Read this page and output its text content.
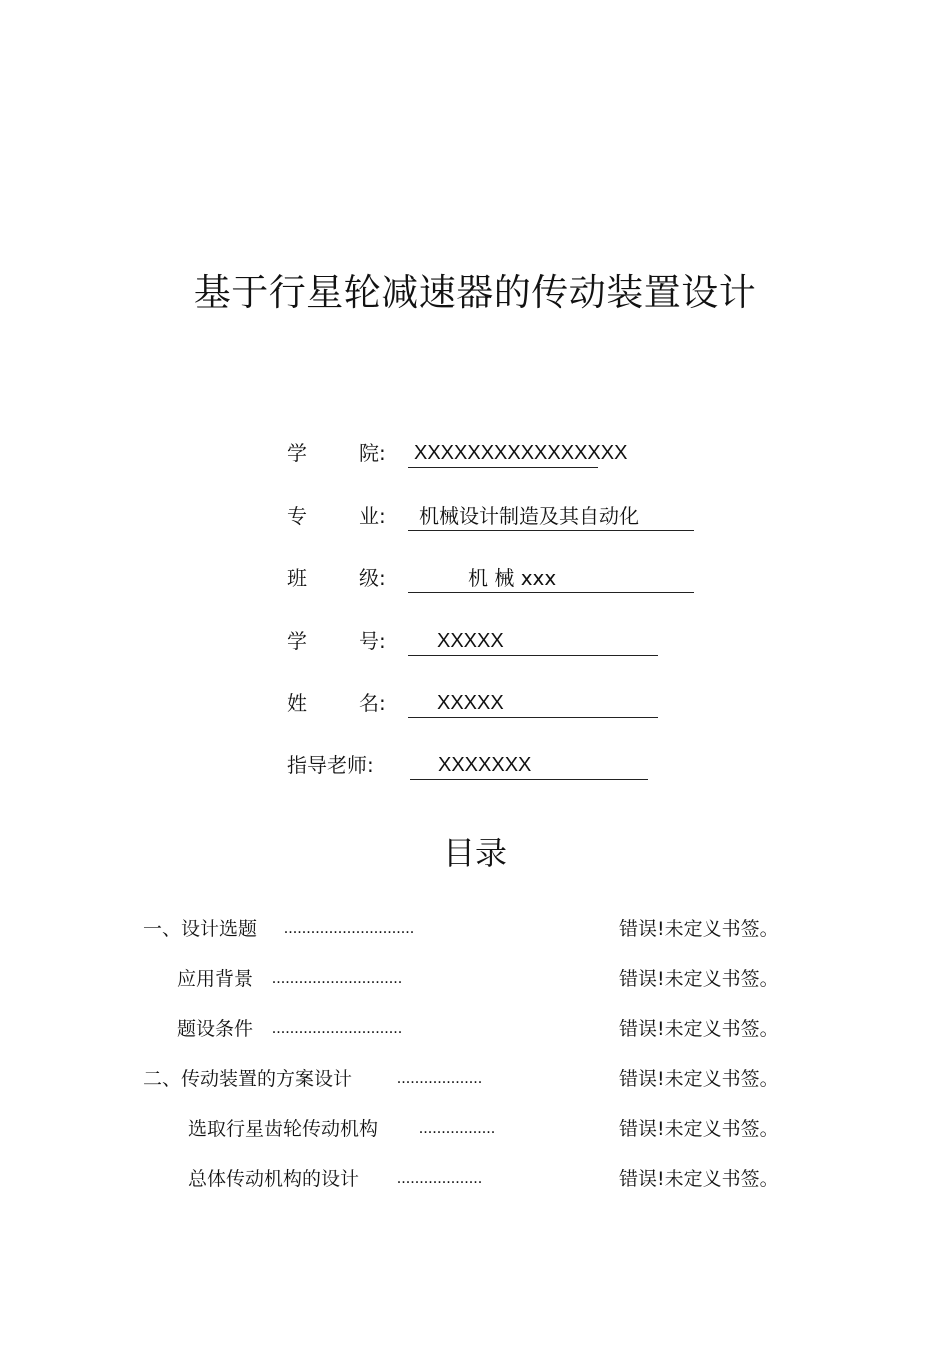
基于行星轮减速器的传动装置设计
学	院:	XXXXXXXXXXXXXXXX
专	业:	机械设计制造及其自动化
班	级:	机 械 xxx
学	号:	XXXXX
姓	名:	XXXXX
指导老师:	XXXXXXX
目录
一、设计选题 .............................	错误!未定义书签。
应用背景 .............................	错误!未定义书签。
题设条件 .............................	错误!未定义书签。
二、传动装置的方案设计	...................	错误!未定义书签。
选取行星齿轮传动机构	.................	错误!未定义书签。
总体传动机构的设计 ...................	错误!未定义书签。
